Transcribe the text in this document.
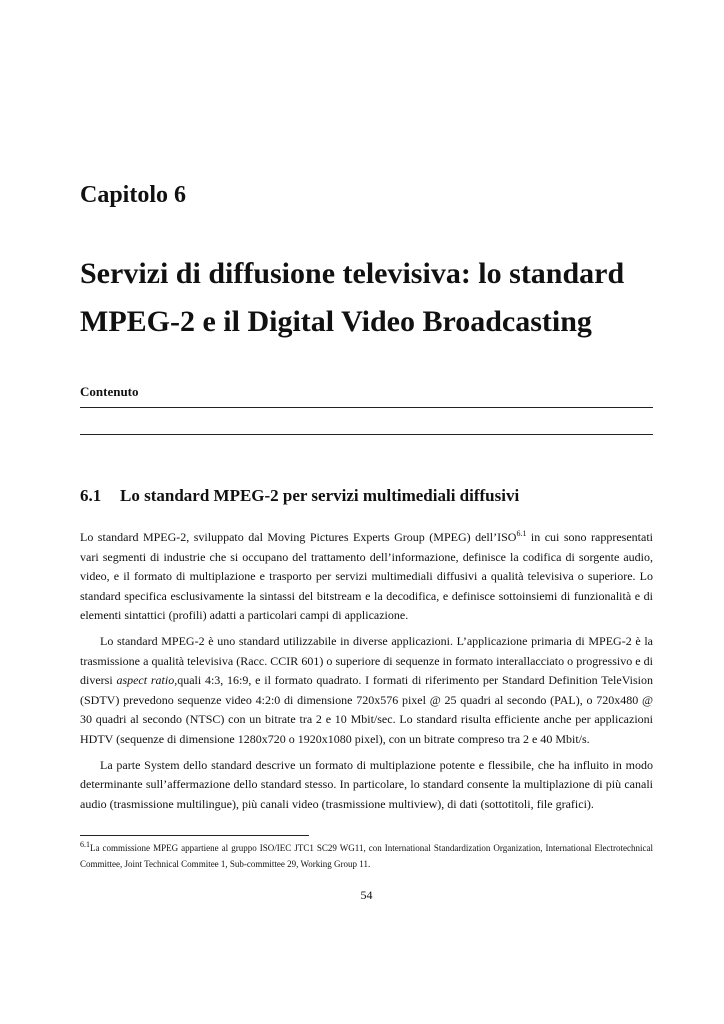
Capitolo 6
Servizi di diffusione televisiva: lo standard MPEG-2 e il Digital Video Broadcasting
Contenuto
6.1 Lo standard MPEG-2 per servizi multimediali diffusivi

Lo standard MPEG-2, sviluppato dal Moving Pictures Experts Group (MPEG) $dell’ISO^{6.1}$ in cui sono rappresentati vari segmenti di industrie che si occupano del trattamento dell’informazione, definisce la codifica di sorgente audio, video, e il formato di multiplazione e trasporto per servizi multimediali diffusivi a qualità televisiva o superiore. Lo standard specifica esclusivamente la sintassi del bitstream e la decodifica, e definisce sottoinsiemi di funzionalità e di elementi sintattici (profili) adatti a particolari campi di applicazione.

Lo standard MPEG-2 è uno standard utilizzabile in diverse applicazioni. L’applicazione primaria di MPEG-2 è la trasmissione a qualità televisiva (Racc. CCIR 601) o superiore di sequenze in formato interallacciato o progressivo e di diversi aspect ratio,quali 4:3, 16:9, e il formato quadrato. I formati di riferimento per Standard Definition TeleVision (SDTV) prevedono sequenze video 4:2:0 di dimensione 720x576 pixel @ 25 quadri al secondo (PAL), o 720x480 @ 30 quadri al secondo (NTSC) con un bitrate tra 2 e 10 Mbit/sec. Lo standard risulta efficiente anche per applicazioni HDTV (sequenze di dimensione 1280x720 o 1920x1080 pixel), con un bitrate compreso tra 2 e 40 Mbit/s.

La parte System dello standard descrive un formato di multiplazione potente e flessibile, che ha influito in modo determinante sull’affermazione dello standard stesso. In particolare, lo standard consente la multiplazione di più canali audio (trasmissione multilingue), più canali video (trasmissione multiview), di dati (sottotitoli, file grafici).

$^{6.1}$La commissione MPEG appartiene al gruppo ISO/IEC JTC1 SC29 WG11, con International Standardization Organization, International Electrotechnical Committee, Joint Technical Commitee 1, Sub-committee 29, Working Group 11.
54
